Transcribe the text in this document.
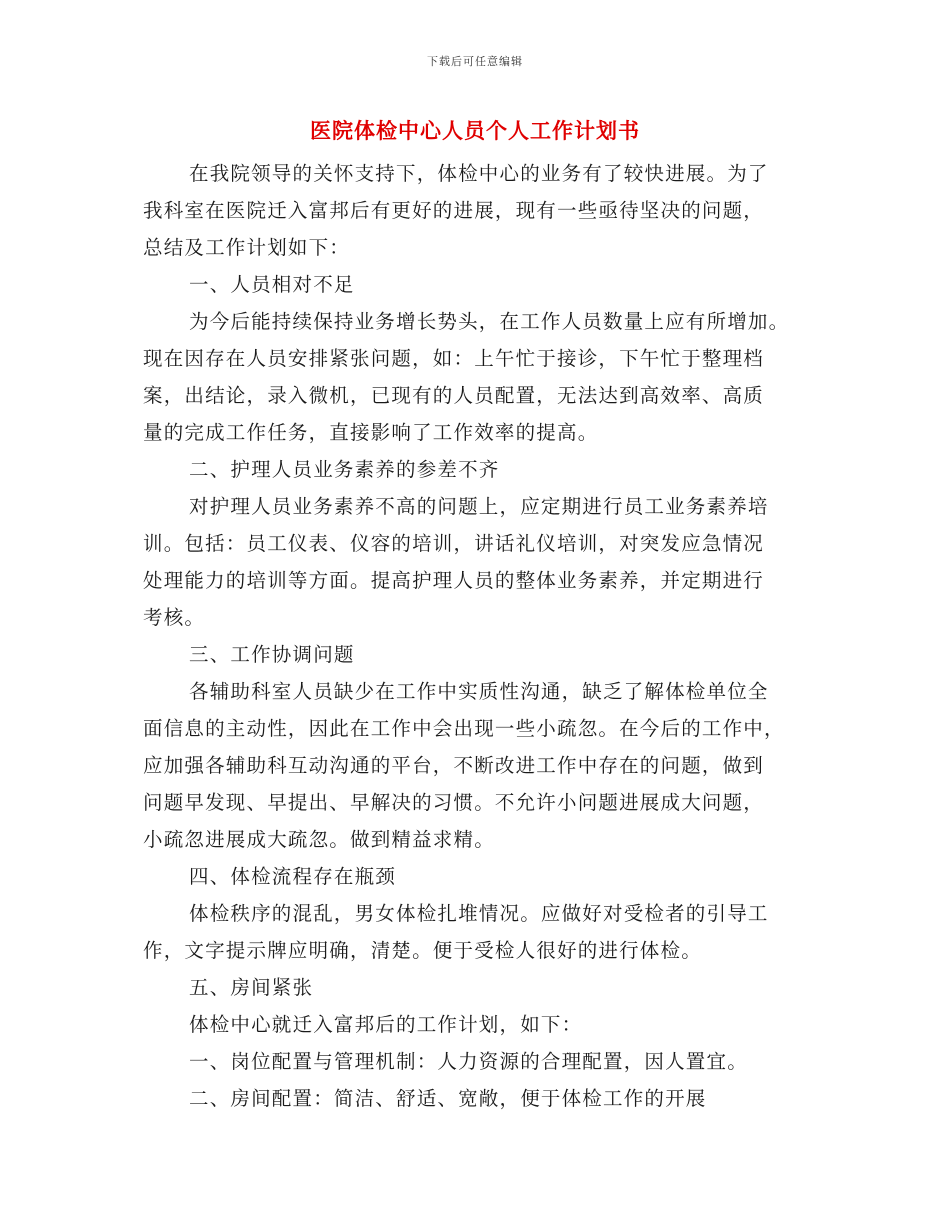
下载后可任意编辑
医院体检中心人员个人工作计划书
在我院领导的关怀支持下，体检中心的业务有了较快进展。为了
我科室在医院迁入富邦后有更好的进展，现有一些亟待坚决的问题，
总结及工作计划如下：
一、人员相对不足
为今后能持续保持业务增长势头，在工作人员数量上应有所增加。
现在因存在人员安排紧张问题，如：上午忙于接诊，下午忙于整理档
案，出结论，录入微机，已现有的人员配置，无法达到高效率、高质
量的完成工作任务，直接影响了工作效率的提高。
二、护理人员业务素养的参差不齐
对护理人员业务素养不高的问题上，应定期进行员工业务素养培
训。包括：员工仪表、仪容的培训，讲话礼仪培训，对突发应急情况
处理能力的培训等方面。提高护理人员的整体业务素养，并定期进行
考核。
三、工作协调问题
各辅助科室人员缺少在工作中实质性沟通，缺乏了解体检单位全
面信息的主动性，因此在工作中会出现一些小疏忽。在今后的工作中，
应加强各辅助科互动沟通的平台，不断改进工作中存在的问题，做到
问题早发现、早提出、早解决的习惯。不允许小问题进展成大问题，
小疏忽进展成大疏忽。做到精益求精。
四、体检流程存在瓶颈
体检秩序的混乱，男女体检扎堆情况。应做好对受检者的引导工
作，文字提示牌应明确，清楚。便于受检人很好的进行体检。
五、房间紧张
体检中心就迁入富邦后的工作计划，如下：
一、岗位配置与管理机制：人力资源的合理配置，因人置宜。
二、房间配置：简洁、舒适、宽敞，便于体检工作的开展
